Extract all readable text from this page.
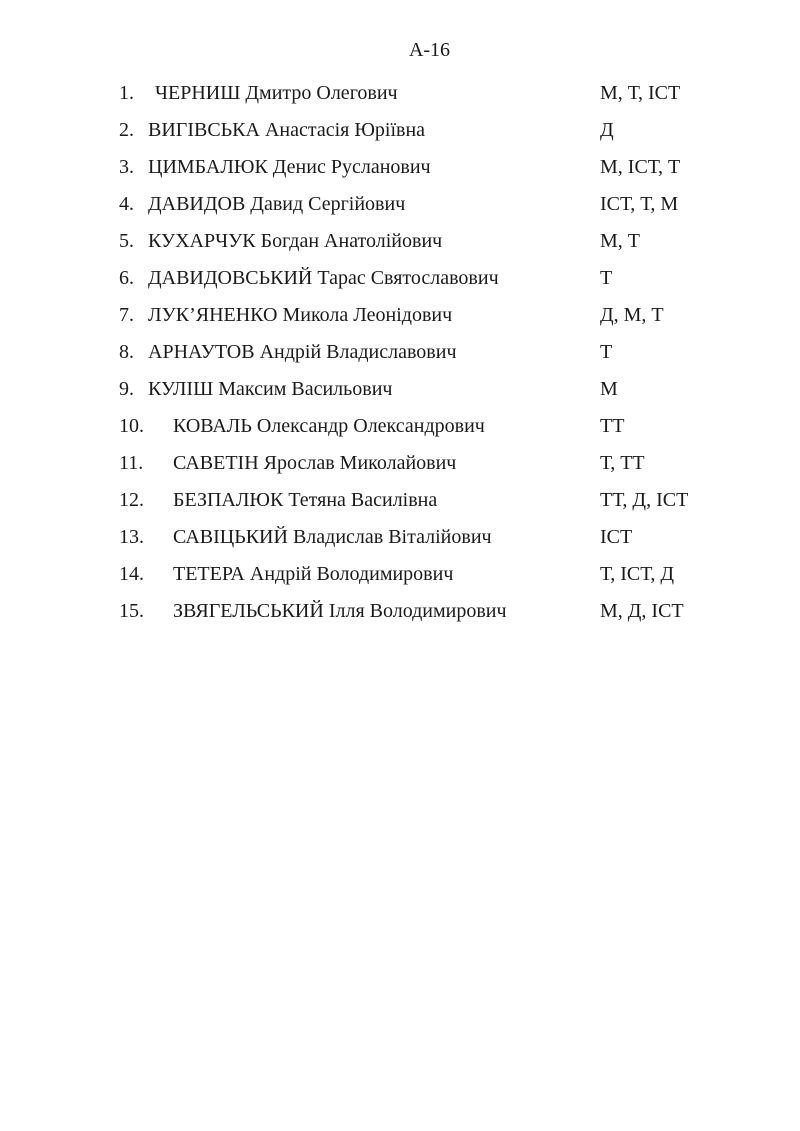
А-16
1. ЧЕРНИШ Дмитро Олегович	М, Т, ІСТ
2. ВИГІВСЬКА Анастасія Юріївна	Д
3. ЦИМБАЛЮК Денис Русланович	М, ІСТ, Т
4. ДАВИДОВ Давид Сергійович	ІСТ, Т, М
5. КУХАРЧУК Богдан Анатолійович	М, Т
6. ДАВИДОВСЬКИЙ Тарас Святославович	Т
7. ЛУК’ЯНЕНКО Микола Леонідович	Д, М, Т
8. АРНАУТОВ Андрій Владиславович	Т
9. КУЛІШ Максим Васильович	М
10. КОВАЛЬ Олександр Олександрович	ТТ
11. САВЕТІН Ярослав Миколайович	Т, ТТ
12. БЕЗПАЛЮК Тетяна Василівна	ТТ, Д, ІСТ
13. САВІЦЬКИЙ Владислав Віталійович	ІСТ
14. ТЕТЕРА Андрій Володимирович	Т, ІСТ, Д
15. ЗВЯГЕЛЬСЬКИЙ Ілля Володимирович	М, Д, ІСТ
